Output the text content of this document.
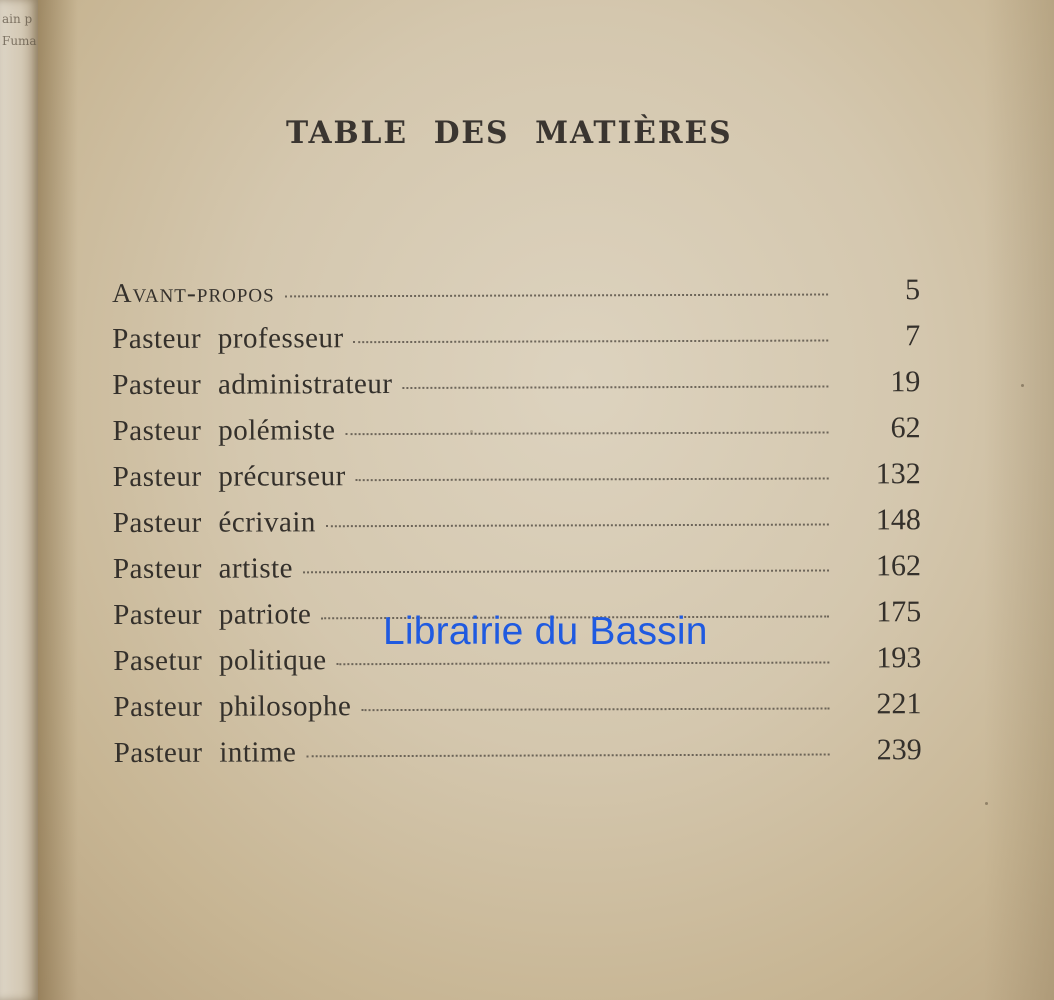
ain p
Fuma
TABLE DES MATIÈRES
Avant-propos	5
Pasteur professeur	7
Pasteur administrateur	19
Pasteur polémiste	62
Pasteur précurseur	132
Pasteur écrivain	148
Pasteur artiste	162
Pasteur patriote	175
Pasetur politique	193
Pasteur philosophe	221
Pasteur intime	239
Librairie du Bassin
